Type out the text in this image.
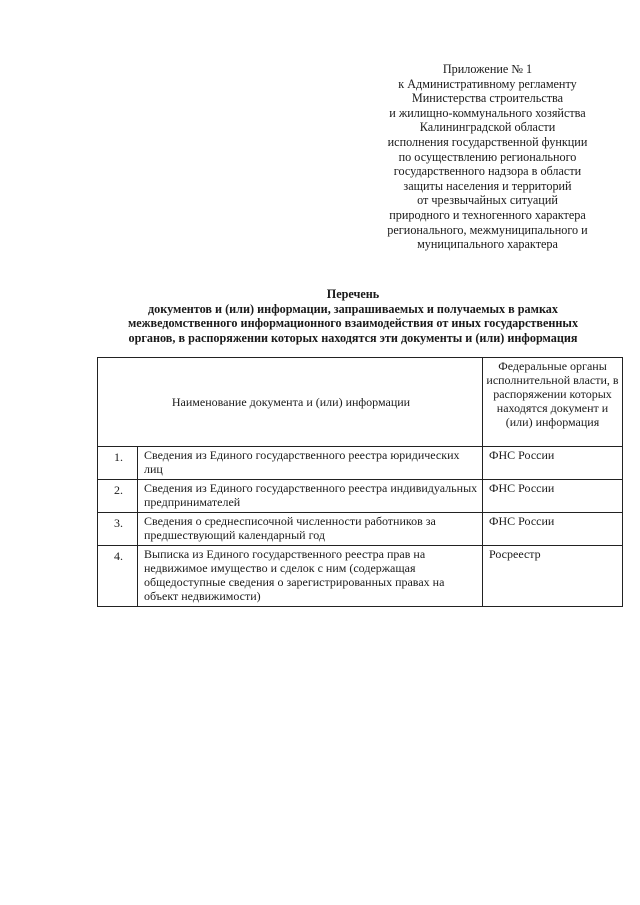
Приложение № 1
к Административному регламенту
Министерства строительства
и жилищно-коммунального хозяйства
Калининградской области
исполнения государственной функции
по осуществлению регионального
государственного надзора в области
защиты населения и территорий
от чрезвычайных ситуаций
природного и техногенного характера
регионального, межмуниципального и
муниципального характера
Перечень
документов и (или) информации, запрашиваемых и получаемых в рамках
межведомственного информационного взаимодействия от иных государственных
органов, в распоряжении которых находятся эти документы и (или) информация
Наименование документа и (или) информации		Федеральные органы исполнительной власти, в распоряжении которых находятся документ и (или) информация
1.	Сведения из Единого государственного реестра юридических лиц	ФНС России
2.	Сведения из Единого государственного реестра индивидуальных предпринимателей	ФНС России
3.	Сведения о среднесписочной численности работников за предшествующий календарный год	ФНС России
4.	Выписка из Единого государственного реестра прав на недвижимое имущество и сделок с ним (содержащая общедоступные сведения о зарегистрированных правах на объект недвижимости)	Росреестр
